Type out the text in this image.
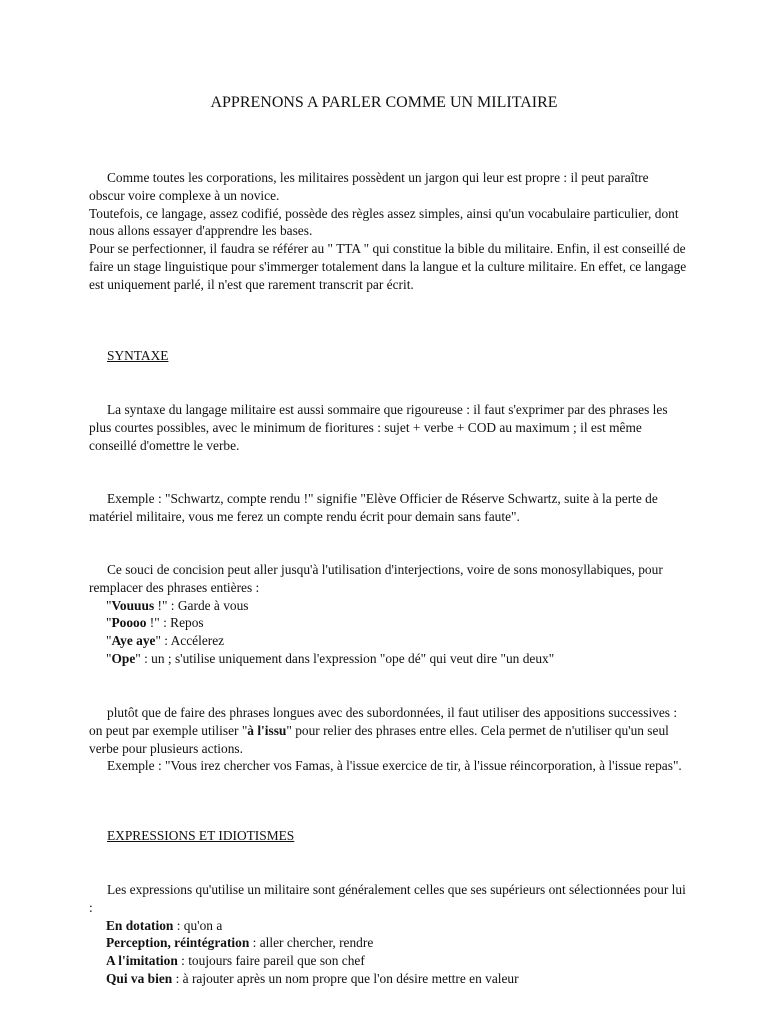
APPRENONS A PARLER COMME UN MILITAIRE

Comme toutes les corporations, les militaires possèdent un jargon qui leur est propre : il peut paraître obscur voire complexe à un novice.

Toutefois, ce langage, assez codifié, possède des règles assez simples, ainsi qu'un vocabulaire particulier, dont nous allons essayer d'apprendre les bases.

Pour se perfectionner, il faudra se référer au " TTA " qui constitue la bible du militaire. Enfin, il est conseillé de faire un stage linguistique pour s'immerger totalement dans la langue et la culture militaire. En effet, ce langage est uniquement parlé, il n'est que rarement transcrit par écrit.

SYNTAXE

La syntaxe du langage militaire est aussi sommaire que rigoureuse : il faut s'exprimer par des phrases les plus courtes possibles, avec le minimum de fioritures : sujet + verbe + COD au maximum ; il est même conseillé d'omettre le verbe.

Exemple : "Schwartz, compte rendu !" signifie "Elève Officier de Réserve Schwartz, suite à la perte de matériel militaire, vous me ferez un compte rendu écrit pour demain sans faute".

Ce souci de concision peut aller jusqu'à l'utilisation d'interjections, voire de sons monosyllabiques, pour remplacer des phrases entières :

"Vouuus !" : Garde à vous

"Poooo !" : Repos

"Aye aye" : Accélerez

"Ope" : un ; s'utilise uniquement dans l'expression "ope dé" qui veut dire "un deux"

plutôt que de faire des phrases longues avec des subordonnées, il faut utiliser des appositions successives : on peut par exemple utiliser "à l'issu" pour relier des phrases entre elles. Cela permet de n'utiliser qu'un seul verbe pour plusieurs actions.

Exemple : "Vous irez chercher vos Famas, à l'issue exercice de tir, à l'issue réincorporation, à l'issue repas".

EXPRESSIONS ET IDIOTISMES

Les expressions qu'utilise un militaire sont généralement celles que ses supérieurs ont sélectionnées pour lui :

En dotation : qu'on a

Perception, réintégration : aller chercher, rendre

A l'imitation : toujours faire pareil que son chef

Qui va bien : à rajouter après un nom propre que l'on désire mettre en valeur
